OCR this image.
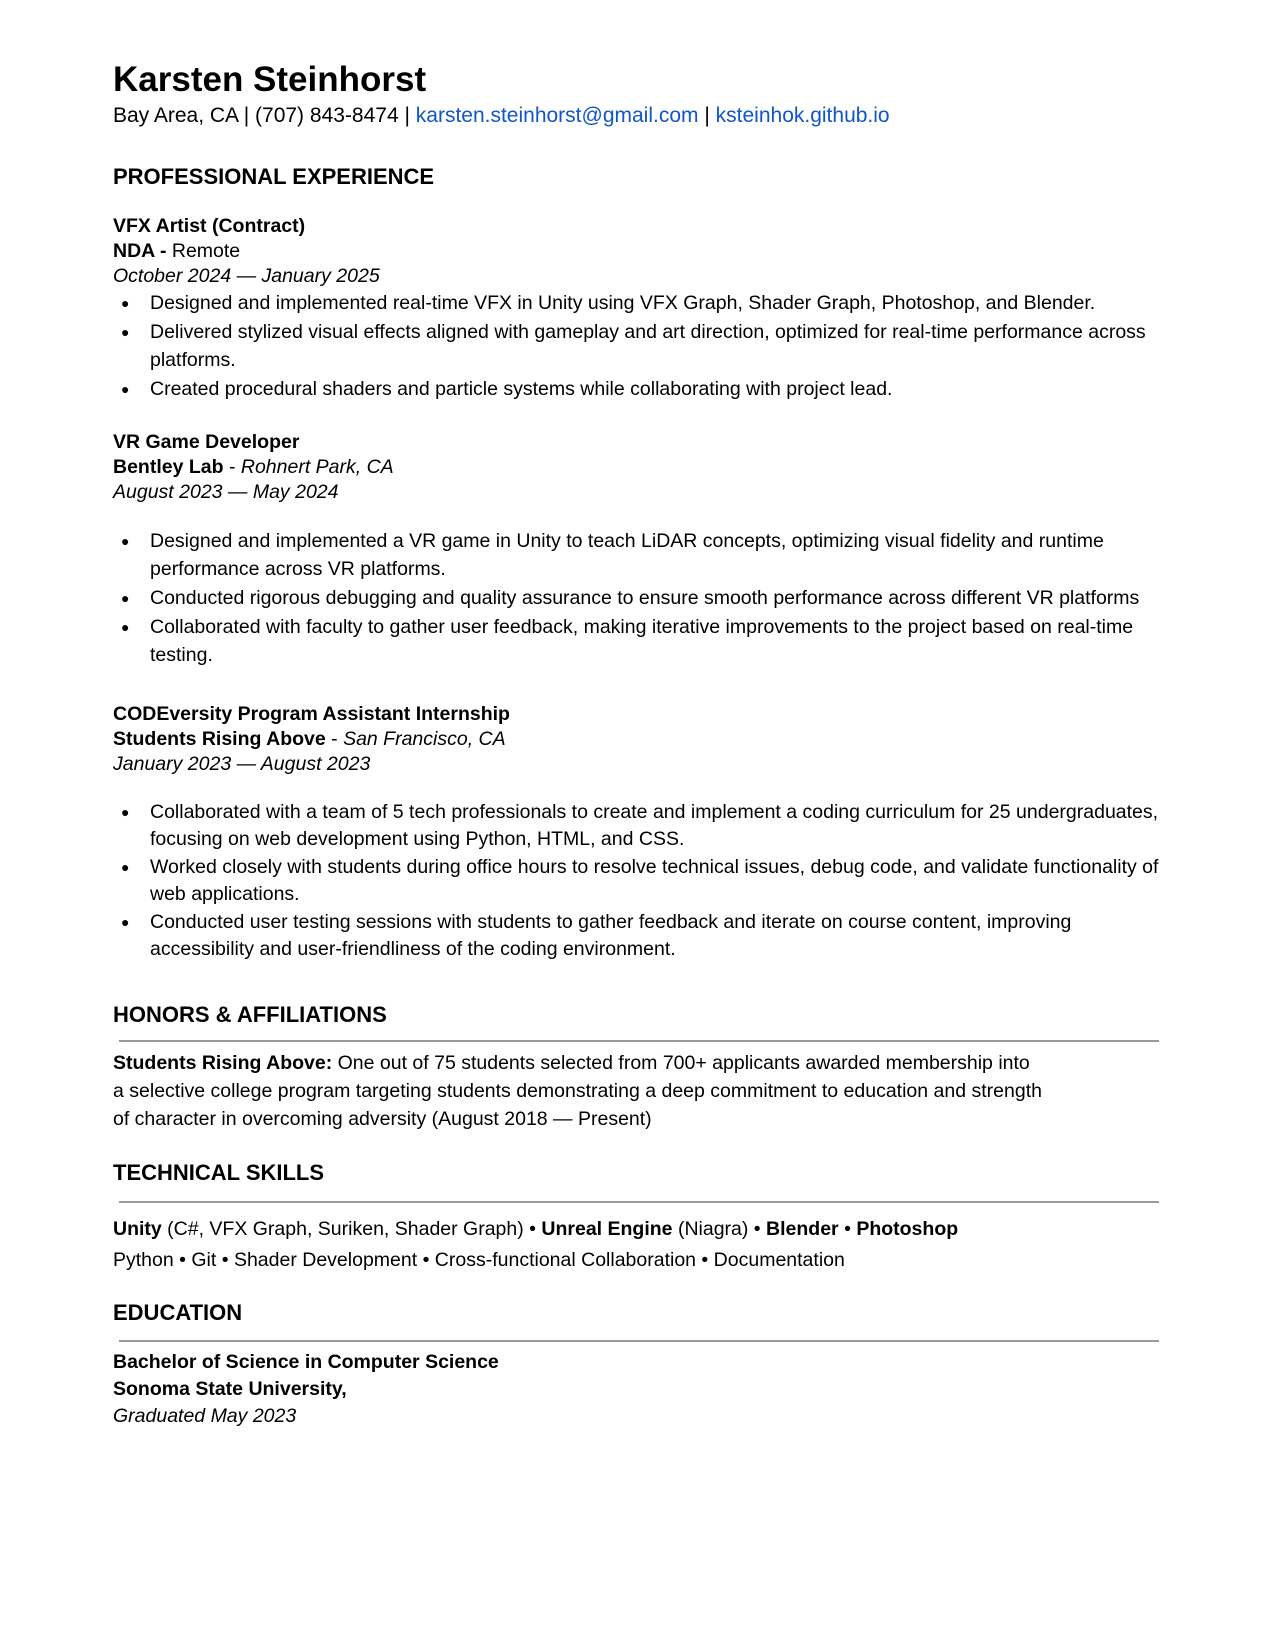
Karsten Steinhorst
Bay Area, CA | (707) 843-8474 | karsten.steinhorst@gmail.com | ksteinhok.github.io
PROFESSIONAL EXPERIENCE
VFX Artist (Contract)
NDA - Remote
October 2024 — January 2025
● Designed and implemented real-time VFX in Unity using VFX Graph, Shader Graph, Photoshop, and Blender.
● Delivered stylized visual effects aligned with gameplay and art direction, optimized for real-time performance across platforms.
● Created procedural shaders and particle systems while collaborating with project lead.
VR Game Developer
Bentley Lab - Rohnert Park, CA
August 2023 — May 2024
● Designed and implemented a VR game in Unity to teach LiDAR concepts, optimizing visual fidelity and runtime performance across VR platforms.
● Conducted rigorous debugging and quality assurance to ensure smooth performance across different VR platforms
● Collaborated with faculty to gather user feedback, making iterative improvements to the project based on real-time testing.
CODEversity Program Assistant Internship
Students Rising Above - San Francisco, CA
January 2023 — August 2023
● Collaborated with a team of 5 tech professionals to create and implement a coding curriculum for 25 undergraduates, focusing on web development using Python, HTML, and CSS.
● Worked closely with students during office hours to resolve technical issues, debug code, and validate functionality of web applications.
● Conducted user testing sessions with students to gather feedback and iterate on course content, improving accessibility and user-friendliness of the coding environment.
HONORS & AFFILIATIONS
Students Rising Above: One out of 75 students selected from 700+ applicants awarded membership into
a selective college program targeting students demonstrating a deep commitment to education and strength
of character in overcoming adversity (August 2018 — Present)
TECHNICAL SKILLS
Unity (C#, VFX Graph, Suriken, Shader Graph) • Unreal Engine (Niagra) • Blender • Photoshop
Python • Git • Shader Development • Cross-functional Collaboration • Documentation
EDUCATION
Bachelor of Science in Computer Science
Sonoma State University,
Graduated May 2023
